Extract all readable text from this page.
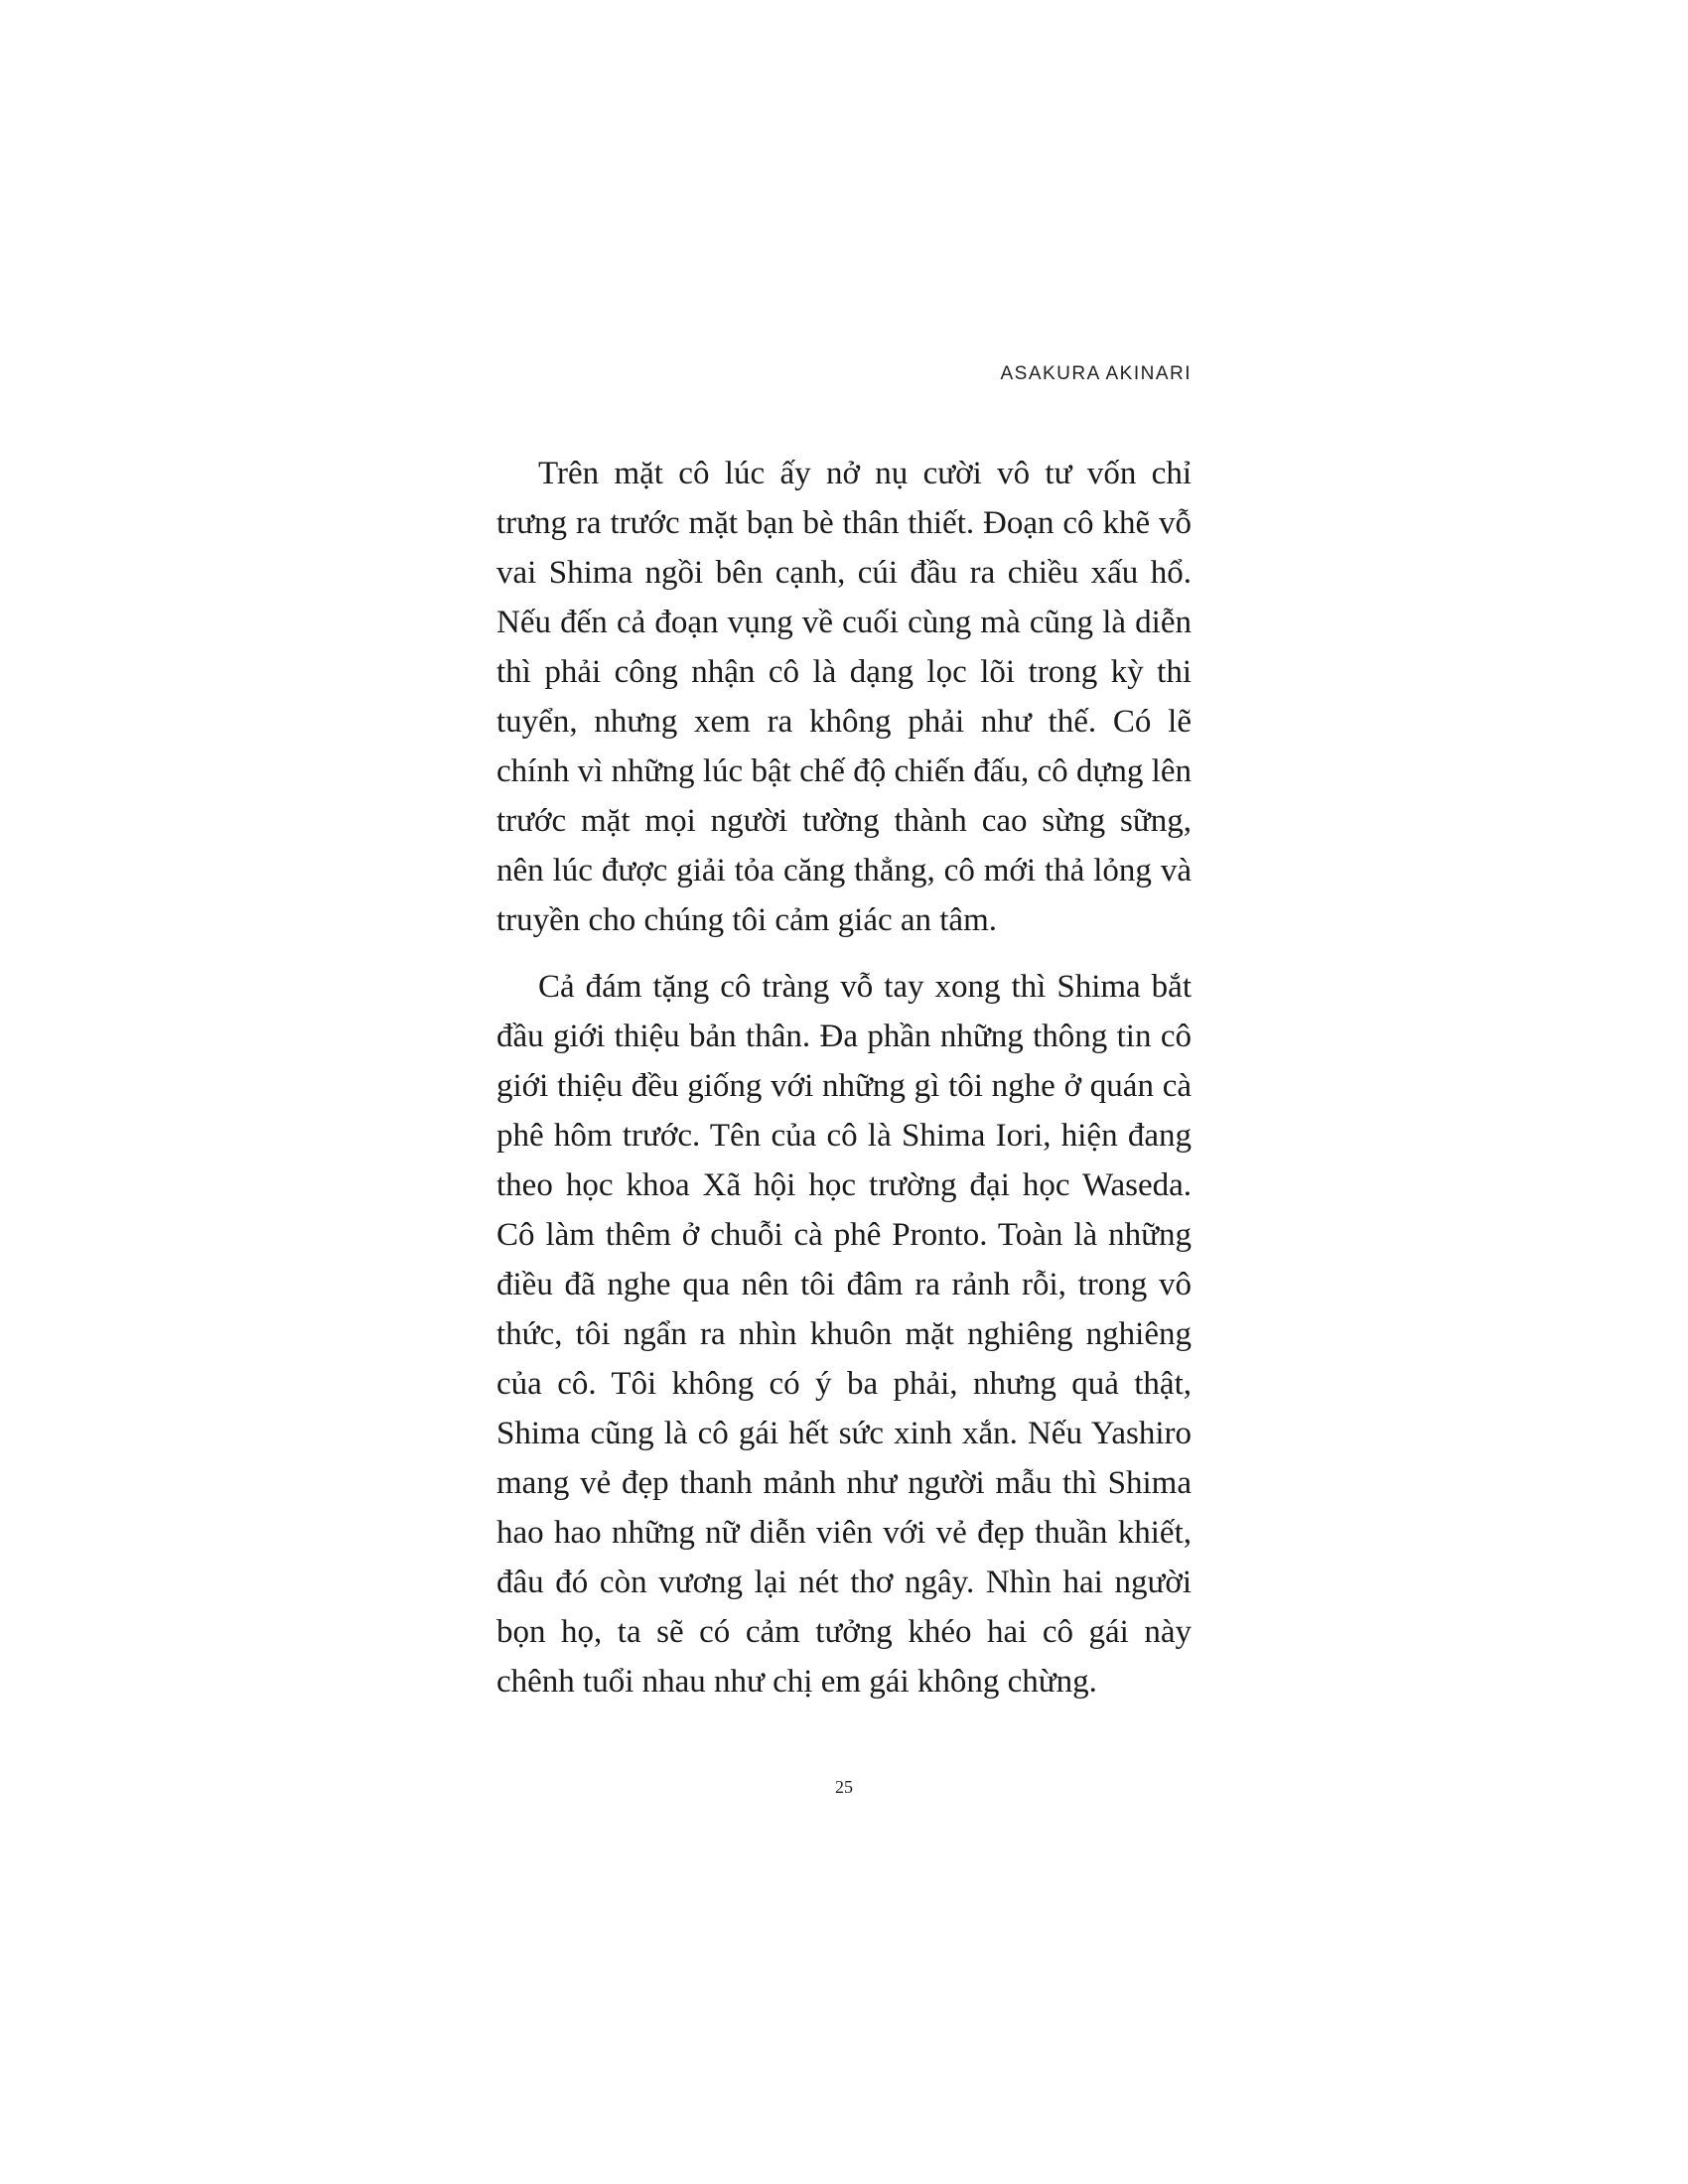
ASAKURA AKINARI

Trên mặt cô lúc ấy nở nụ cười vô tư vốn chỉ trưng ra trước mặt bạn bè thân thiết. Đoạn cô khẽ vỗ vai Shima ngồi bên cạnh, cúi đầu ra chiều xấu hổ. Nếu đến cả đoạn vụng về cuối cùng mà cũng là diễn thì phải công nhận cô là dạng lọc lõi trong kỳ thi tuyển, nhưng xem ra không phải như thế. Có lẽ chính vì những lúc bật chế độ chiến đấu, cô dựng lên trước mặt mọi người tường thành cao sừng sững, nên lúc được giải tỏa căng thẳng, cô mới thả lỏng và truyền cho chúng tôi cảm giác an tâm.

Cả đám tặng cô tràng vỗ tay xong thì Shima bắt đầu giới thiệu bản thân. Đa phần những thông tin cô giới thiệu đều giống với những gì tôi nghe ở quán cà phê hôm trước. Tên của cô là Shima Iori, hiện đang theo học khoa Xã hội học trường đại học Waseda. Cô làm thêm ở chuỗi cà phê Pronto. Toàn là những điều đã nghe qua nên tôi đâm ra rảnh rỗi, trong vô thức, tôi ngẩn ra nhìn khuôn mặt nghiêng nghiêng của cô. Tôi không có ý ba phải, nhưng quả thật, Shima cũng là cô gái hết sức xinh xắn. Nếu Yashiro mang vẻ đẹp thanh mảnh như người mẫu thì Shima hao hao những nữ diễn viên với vẻ đẹp thuần khiết, đâu đó còn vương lại nét thơ ngây. Nhìn hai người bọn họ, ta sẽ có cảm tưởng khéo hai cô gái này chênh tuổi nhau như chị em gái không chừng.

25
